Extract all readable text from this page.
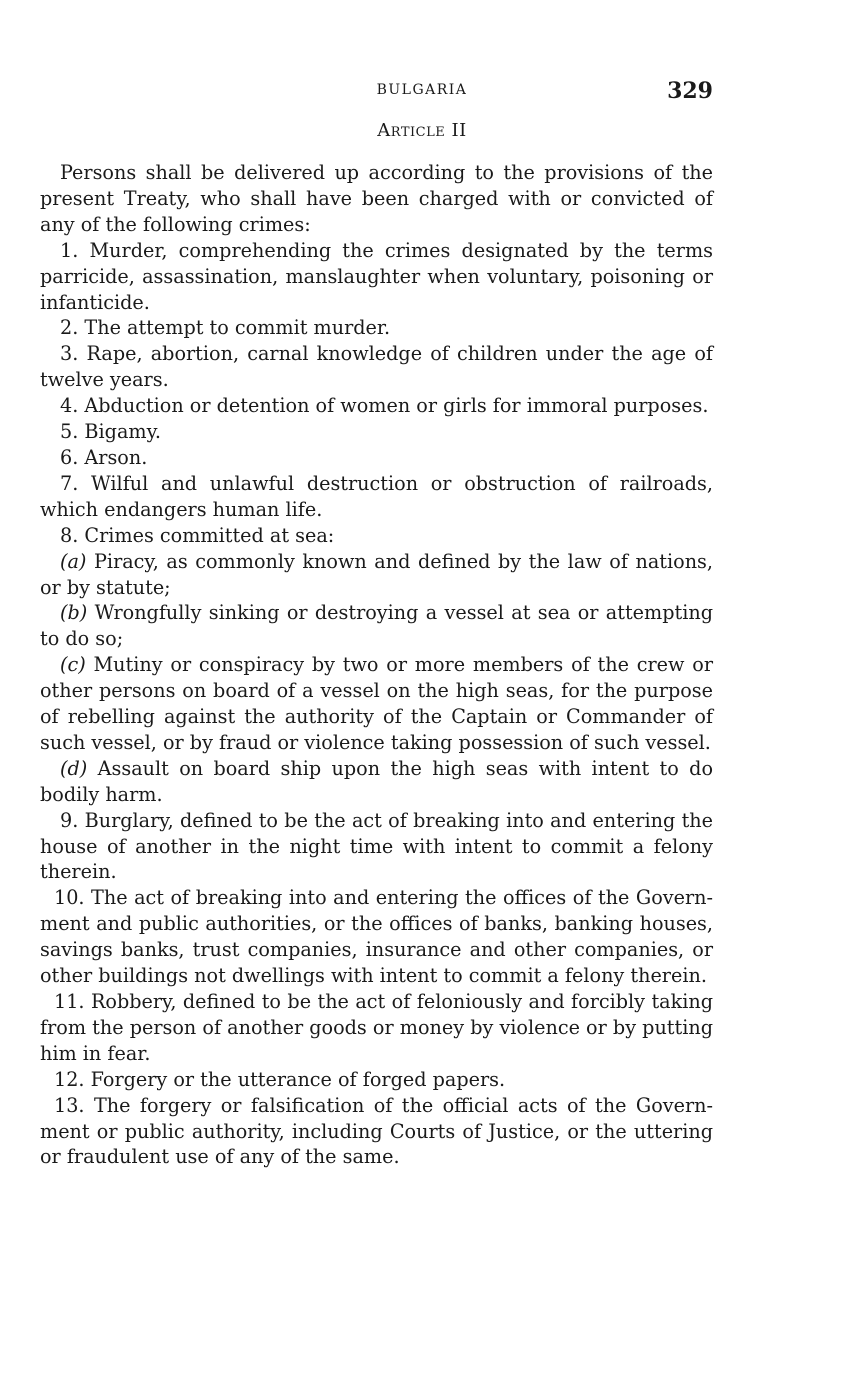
BULGARIA	329
Article II

Persons shall be delivered up according to the provisions of the present Treaty, who shall have been charged with or convicted of any of the following crimes:

1. Murder, comprehending the crimes designated by the terms parricide, assassination, manslaughter when voluntary, poisoning or infanticide.

2. The attempt to commit murder.

3. Rape, abortion, carnal knowledge of children under the age of twelve years.

4. Abduction or detention of women or girls for immoral purposes.

5. Bigamy.

6. Arson.

7. Wilful and unlawful destruction or obstruction of railroads, which endangers human life.

8. Crimes committed at sea:

(a) Piracy, as commonly known and defined by the law of nations, or by statute;

(b) Wrongfully sinking or destroying a vessel at sea or attempting to do so;

(c) Mutiny or conspiracy by two or more members of the crew or other persons on board of a vessel on the high seas, for the purpose of rebelling against the authority of the Captain or Commander of such vessel, or by fraud or violence taking possession of such vessel.

(d) Assault on board ship upon the high seas with intent to do bodily harm.

9. Burglary, defined to be the act of breaking into and entering the house of another in the night time with intent to commit a felony therein.

10. The act of breaking into and entering the offices of the Government and public authorities, or the offices of banks, banking houses, savings banks, trust companies, insurance and other companies, or other buildings not dwellings with intent to commit a felony therein.

11. Robbery, defined to be the act of feloniously and forcibly taking from the person of another goods or money by violence or by putting him in fear.

12. Forgery or the utterance of forged papers.

13. The forgery or falsification of the official acts of the Government or public authority, including Courts of Justice, or the uttering or fraudulent use of any of the same.
